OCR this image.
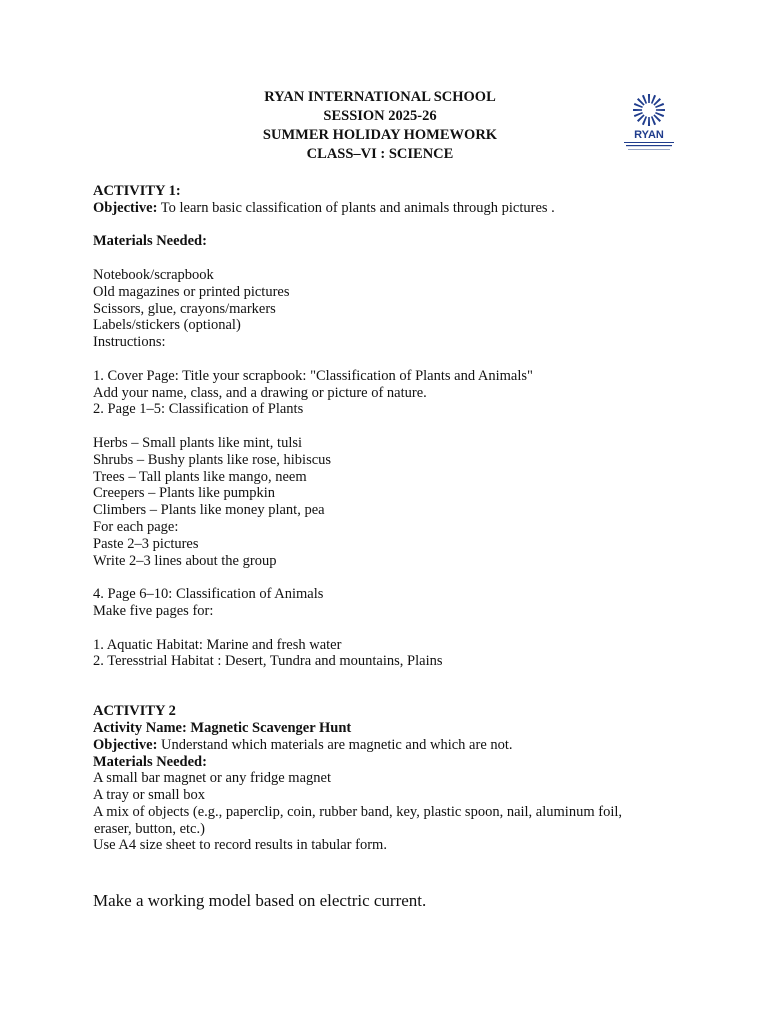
RYAN INTERNATIONAL SCHOOL
SESSION 2025-26
SUMMER HOLIDAY HOMEWORK
CLASS–VI : SCIENCE
RYAN
ACTIVITY 1:
Objective: To learn basic classification of plants and animals through pictures .
Materials Needed:
Notebook/scrapbook
Old magazines or printed pictures
Scissors, glue, crayons/markers
Labels/stickers (optional)
Instructions:
1. Cover Page: Title your scrapbook: "Classification of Plants and Animals"
Add your name, class, and a drawing or picture of nature.
2. Page 1–5: Classification of Plants
Herbs – Small plants like mint, tulsi
Shrubs – Bushy plants like rose, hibiscus
Trees – Tall plants like mango, neem
Creepers – Plants like pumpkin
Climbers – Plants like money plant, pea
For each page:
Paste 2–3 pictures
Write 2–3 lines about the group
4. Page 6–10: Classification of Animals
Make five pages for:
1. Aquatic Habitat: Marine and fresh water
2. Teresstrial Habitat : Desert, Tundra and mountains, Plains
ACTIVITY 2
Activity Name: Magnetic Scavenger Hunt
Objective: Understand which materials are magnetic and which are not.
Materials Needed:
A small bar magnet or any fridge magnet
A tray or small box
A mix of objects (e.g., paperclip, coin, rubber band, key, plastic spoon, nail, aluminum foil,
eraser, button, etc.)
Use A4 size sheet to record results in tabular form.
Make a working model based on electric current.
